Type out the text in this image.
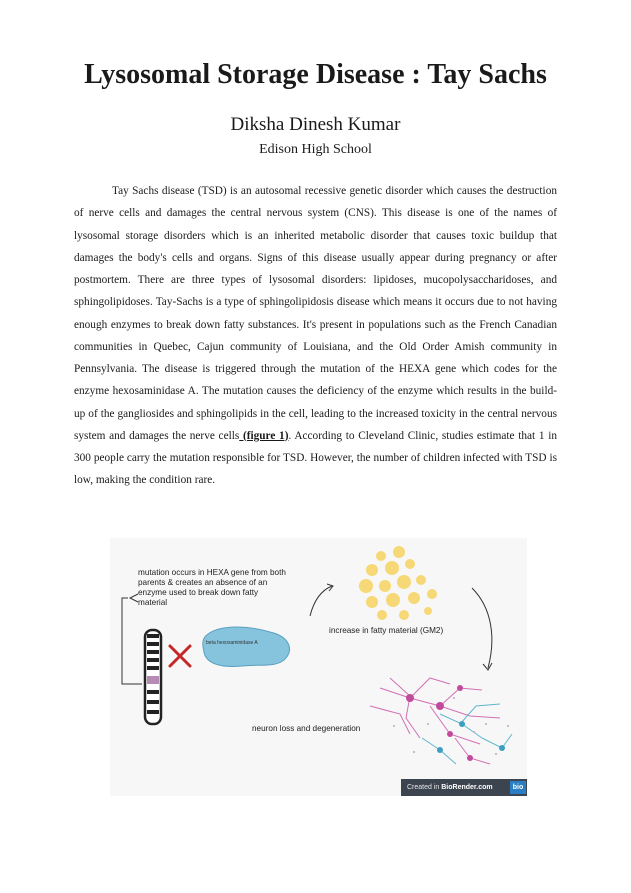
Lysosomal Storage Disease : Tay Sachs
Diksha Dinesh Kumar
Edison High School

Tay Sachs disease (TSD) is an autosomal recessive genetic disorder which causes the destruction of nerve cells and damages the central nervous system (CNS). This disease is one of the names of lysosomal storage disorders which is an inherited metabolic disorder that causes toxic buildup that damages the body's cells and organs. Signs of this disease usually appear during pregnancy or after postmortem. There are three types of lysosomal disorders: lipidoses, mucopolysaccharidoses, and sphingolipidoses. Tay-Sachs is a type of sphingolipidosis disease which means it occurs due to not having enough enzymes to break down fatty substances. It's present in populations such as the French Canadian communities in Quebec, Cajun community of Louisiana, and the Old Order Amish community in Pennsylvania. The disease is triggered through the mutation of the HEXA gene which codes for the enzyme hexosaminidase A. The mutation causes the deficiency of the enzyme which results in the build-up of the gangliosides and sphingolipids in the cell, leading to the increased toxicity in the central nervous system and damages the nerve cells (figure 1). According to Cleveland Clinic, studies estimate that 1 in 300 people carry the mutation responsible for TSD. However, the number of children infected with TSD is low, making the condition rare.

mutation occurs in HEXA gene from both parents & creates an absence of an enzyme used to break down fatty material
beta hexosaminidase A
increase in fatty material (GM2)
neuron loss and degeneration
Created in BioRender.com	bio
